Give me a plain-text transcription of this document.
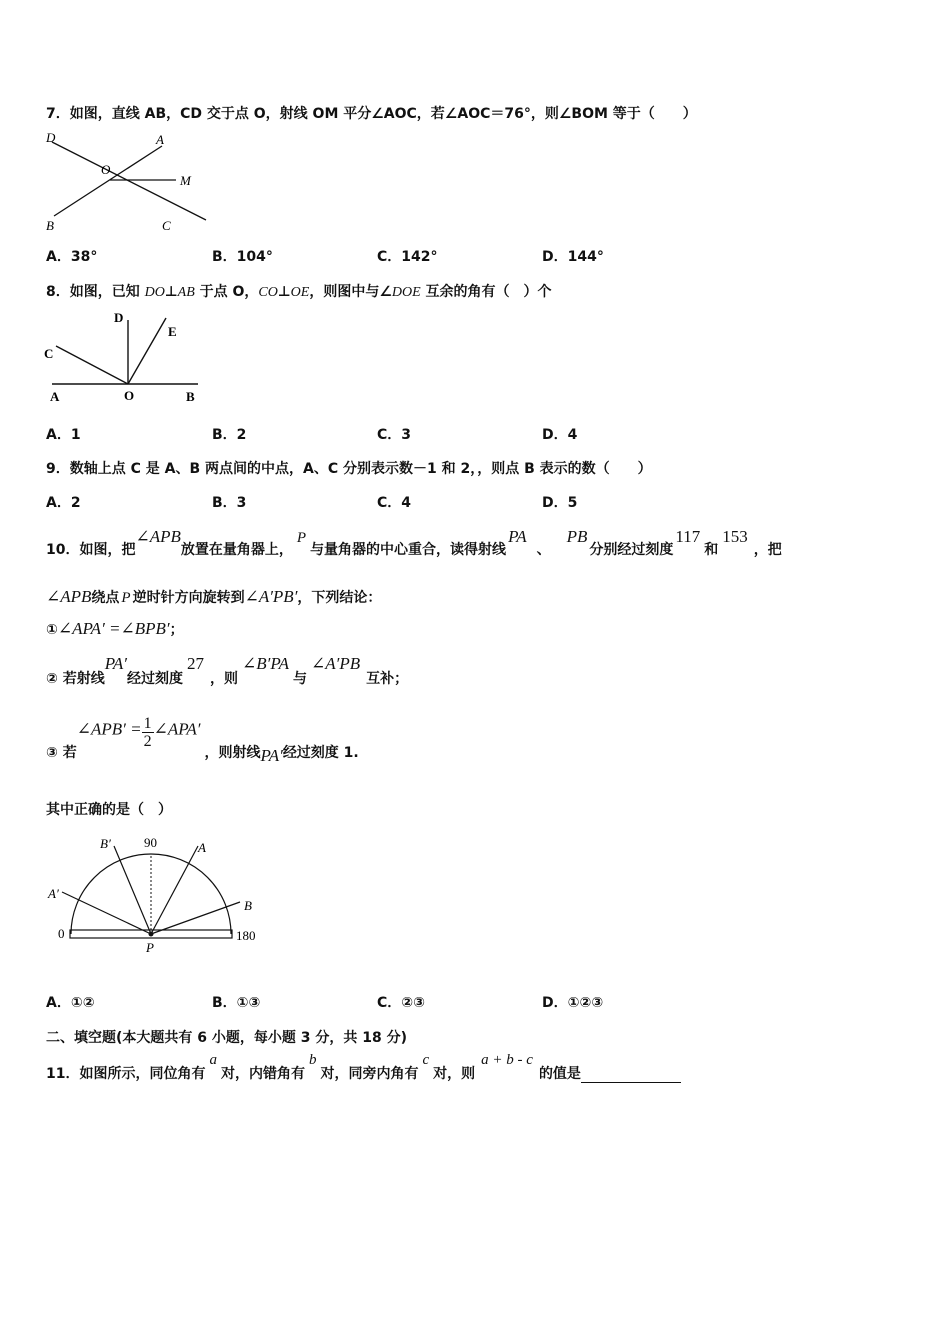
7．如图，直线 AB，CD 交于点 O，射线 OM 平分∠AOC，若∠AOC＝76°，则∠BOM 等于（　　）
D	A
O
M
B	C
A．38°	B．104°	C．142°	D．144°
8．如图，已知 DO⊥AB 于点 O，CO⊥OE，则图中与∠DOE 互余的角有（　）个
D
E
C
A	O	B
A．1	B．2	C．3	D．4
9．数轴上点 C 是 A、B 两点间的中点，A、C 分别表示数－1 和 2，，则点 B 表示的数（　　）
A．2	B．3	C．4	D．5
10．如图，把∠APB放置在量角器上，P与量角器的中心重合，读得射线PA、PB分别经过刻度117和153，把
∠APB绕点 P 逆时针方向旋转到∠A′PB′，下列结论：
①∠APA′ =∠BPB′；
② 若射线PA′经过刻度27，则∠B′PA与∠A′PB互补；
③ 若∠APB′ = $\frac{1}{2}$ ∠APA′，则射线PA′经过刻度 1.
其中正确的是（　）
B′	90	A
A′
B
0
P
180
A．①②	B．①③	C．②③	D．①②③
二、填空题(本大题共有 6 小题，每小题 3 分，共 18 分)
11．如图所示，同位角有a对，内错角有b对，同旁内角有c对，则a + b - c的值是
